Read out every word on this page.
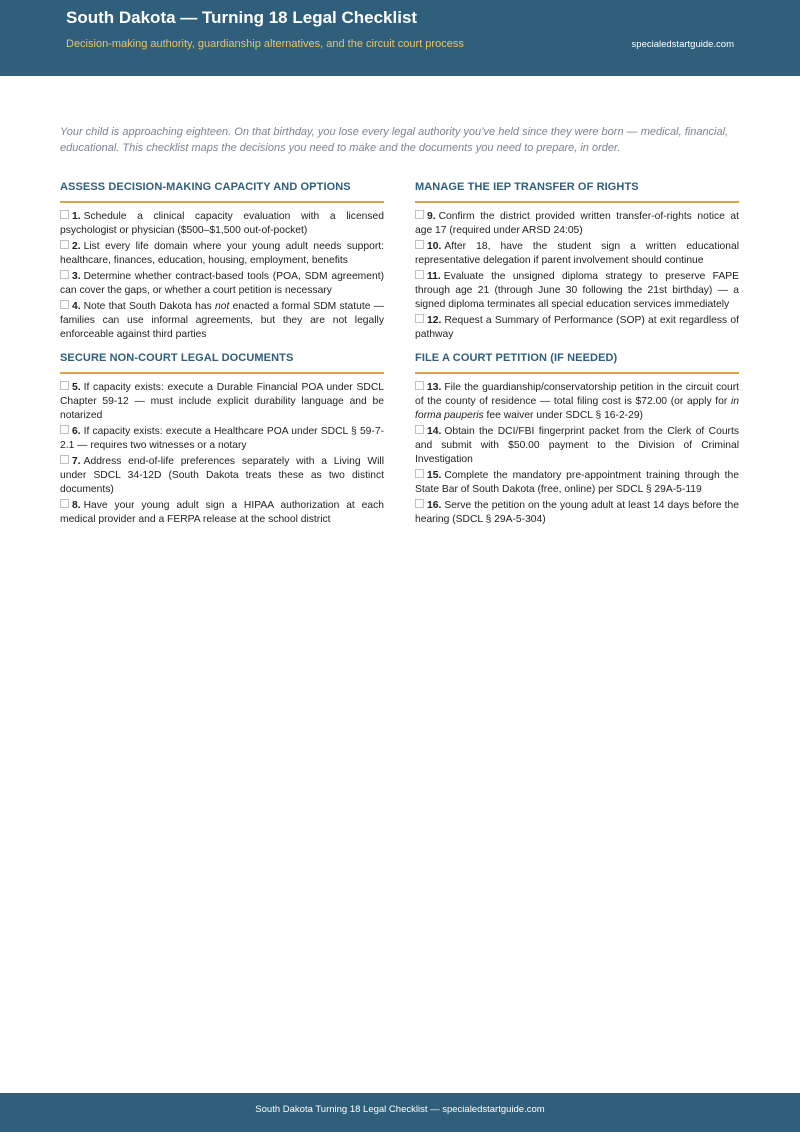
South Dakota — Turning 18 Legal Checklist
Decision-making authority, guardianship alternatives, and the circuit court process	specialedstartguide.com
Your child is approaching eighteen. On that birthday, you lose every legal authority you’ve held since they were born — medical, financial, educational. This checklist maps the decisions you need to make and the documents you need to prepare, in order.
ASSESS DECISION-MAKING CAPACITY AND OPTIONS
1. Schedule a clinical capacity evaluation with a licensed psychologist or physician ($500–$1,500 out-of-pocket)
2. List every life domain where your young adult needs support: healthcare, finances, education, housing, employment, benefits
3. Determine whether contract-based tools (POA, SDM agreement) can cover the gaps, or whether a court petition is necessary
4. Note that South Dakota has not enacted a formal SDM statute — families can use informal agreements, but they are not legally enforceable against third parties
SECURE NON-COURT LEGAL DOCUMENTS
5. If capacity exists: execute a Durable Financial POA under SDCL Chapter 59-12 — must include explicit durability language and be notarized
6. If capacity exists: execute a Healthcare POA under SDCL § 59-7-2.1 — requires two witnesses or a notary
7. Address end-of-life preferences separately with a Living Will under SDCL 34-12D (South Dakota treats these as two distinct documents)
8. Have your young adult sign a HIPAA authorization at each medical provider and a FERPA release at the school district
MANAGE THE IEP TRANSFER OF RIGHTS
9. Confirm the district provided written transfer-of-rights notice at age 17 (required under ARSD 24:05)
10. After 18, have the student sign a written educational representative delegation if parent involvement should continue
11. Evaluate the unsigned diploma strategy to preserve FAPE through age 21 (through June 30 following the 21st birthday) — a signed diploma terminates all special education services immediately
12. Request a Summary of Performance (SOP) at exit regardless of pathway
FILE A COURT PETITION (IF NEEDED)
13. File the guardianship/conservatorship petition in the circuit court of the county of residence — total filing cost is $72.00 (or apply for in forma pauperis fee waiver under SDCL § 16-2-29)
14. Obtain the DCI/FBI fingerprint packet from the Clerk of Courts and submit with $50.00 payment to the Division of Criminal Investigation
15. Complete the mandatory pre-appointment training through the State Bar of South Dakota (free, online) per SDCL § 29A-5-119
16. Serve the petition on the young adult at least 14 days before the hearing (SDCL § 29A-5-304)
South Dakota Turning 18 Legal Checklist — specialedstartguide.com
